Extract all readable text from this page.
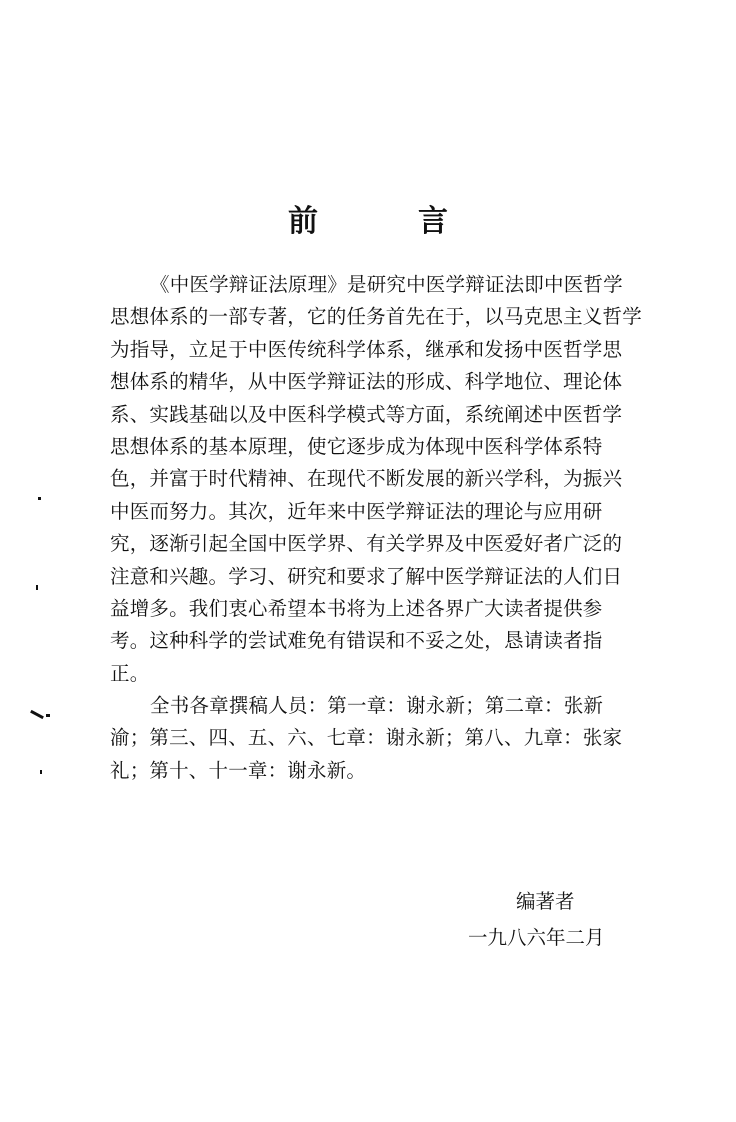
前	言
《中医学辩证法原理》是研究中医学辩证法即中医哲学
思想体系的一部专著，它的任务首先在于，以马克思主义哲学
为指导，立足于中医传统科学体系，继承和发扬中医哲学思
想体系的精华，从中医学辩证法的形成、科学地位、理论体
系、实践基础以及中医科学模式等方面，系统阐述中医哲学
思想体系的基本原理，使它逐步成为体现中医科学体系特
色，并富于时代精神、在现代不断发展的新兴学科，为振兴
中医而努力。其次，近年来中医学辩证法的理论与应用研
究，逐渐引起全国中医学界、有关学界及中医爱好者广泛的
注意和兴趣。学习、研究和要求了解中医学辩证法的人们日
益增多。我们衷心希望本书将为上述各界广大读者提供参
考。这种科学的尝试难免有错误和不妥之处，恳请读者指
正。
全书各章撰稿人员：第一章：谢永新；第二章：张新
渝；第三、四、五、六、七章：谢永新；第八、九章：张家
礼；第十、十一章：谢永新。
编著者
一九八六年二月
